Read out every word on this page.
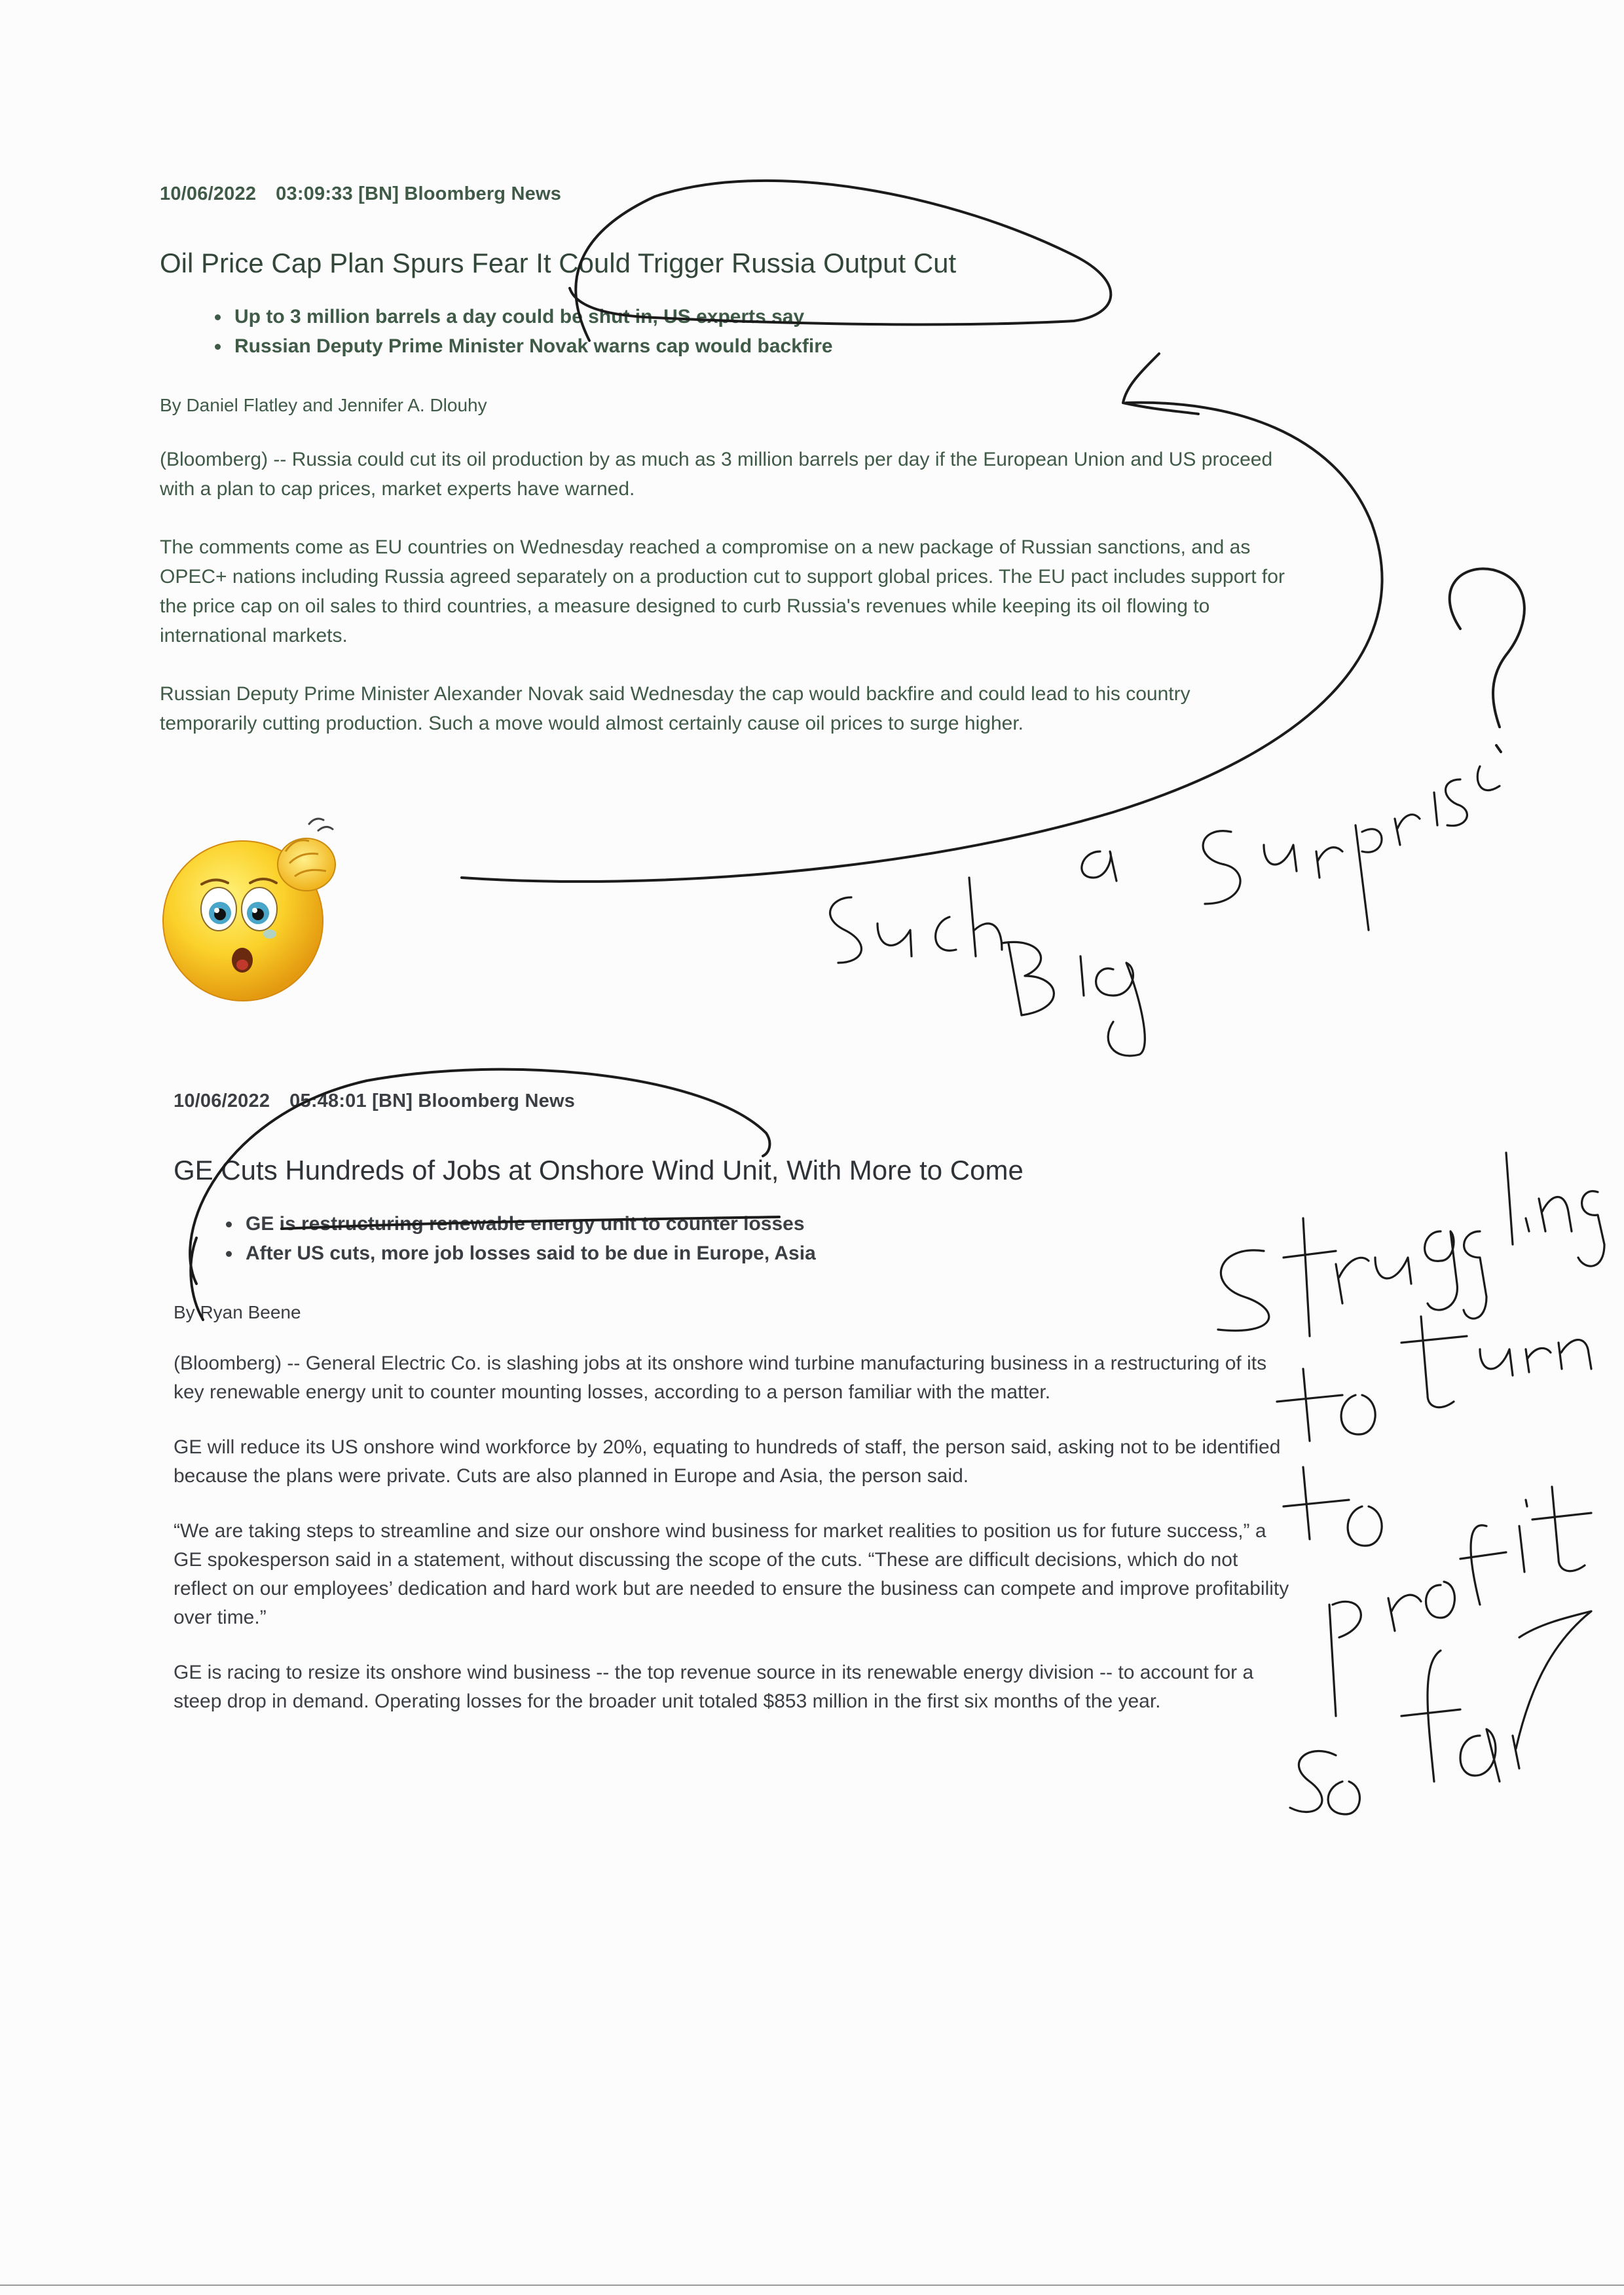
10/06/2022 03:09:33 [BN] Bloomberg News
Oil Price Cap Plan Spurs Fear It Could Trigger Russia Output Cut
• Up to 3 million barrels a day could be shut in, US experts say
• Russian Deputy Prime Minister Novak warns cap would backfire
By Daniel Flatley and Jennifer A. Dlouhy

(Bloomberg) -- Russia could cut its oil production by as much as 3 million barrels per day if the European Union and US proceed with a plan to cap prices, market experts have warned.

The comments come as EU countries on Wednesday reached a compromise on a new package of Russian sanctions, and as OPEC+ nations including Russia agreed separately on a production cut to support global prices. The EU pact includes support for the price cap on oil sales to third countries, a measure designed to curb Russia's revenues while keeping its oil flowing to international markets.

Russian Deputy Prime Minister Alexander Novak said Wednesday the cap would backfire and could lead to his country temporarily cutting production. Such a move would almost certainly cause oil prices to surge higher.

10/06/2022 05:48:01 [BN] Bloomberg News
GE Cuts Hundreds of Jobs at Onshore Wind Unit, With More to Come
• GE is restructuring renewable energy unit to counter losses
• After US cuts, more job losses said to be due in Europe, Asia
By Ryan Beene

(Bloomberg) -- General Electric Co. is slashing jobs at its onshore wind turbine manufacturing business in a restructuring of its key renewable energy unit to counter mounting losses, according to a person familiar with the matter.

GE will reduce its US onshore wind workforce by 20%, equating to hundreds of staff, the person said, asking not to be identified because the plans were private. Cuts are also planned in Europe and Asia, the person said.

“We are taking steps to streamline and size our onshore wind business for market realities to position us for future success,” a GE spokesperson said in a statement, without discussing the scope of the cuts. “These are difficult decisions, which do not reflect on our employees’ dedication and hard work but are needed to ensure the business can compete and improve profitability over time.”

GE is racing to resize its onshore wind business -- the top revenue source in its renewable energy division -- to account for a steep drop in demand. Operating losses for the broader unit totaled $853 million in the first six months of the year.
